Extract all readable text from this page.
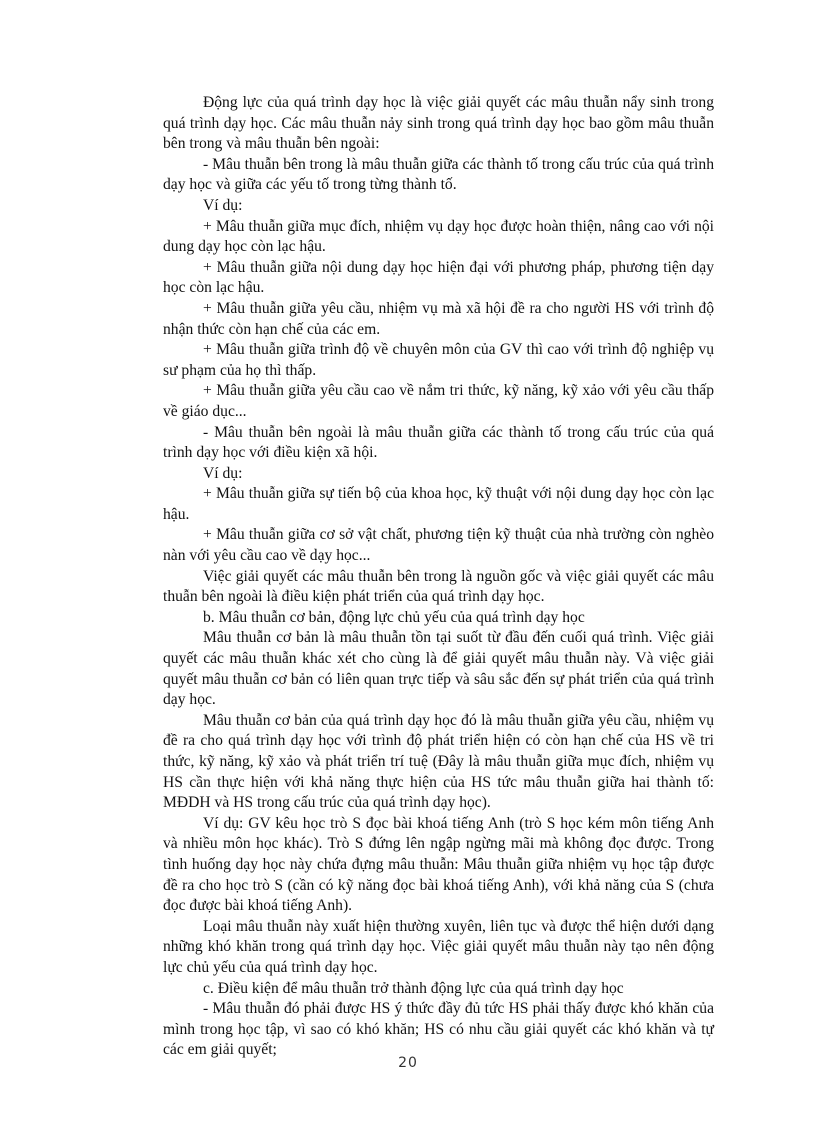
Động lực của quá trình dạy học là việc giải quyết các mâu thuẫn nẩy sinh trong quá trình dạy học. Các mâu thuẫn nảy sinh trong quá trình dạy học bao gồm mâu thuẫn bên trong và mâu thuẫn bên ngoài:

- Mâu thuẫn bên trong là mâu thuẫn giữa các thành tố trong cấu trúc của quá trình dạy học và giữa các yếu tố trong từng thành tố.

Ví dụ:

+ Mâu thuẫn giữa mục đích, nhiệm vụ dạy học được hoàn thiện, nâng cao với nội dung dạy học còn lạc hậu.

+ Mâu thuẫn giữa nội dung dạy học hiện đại với phương pháp, phương tiện dạy học còn lạc hậu.

+ Mâu thuẫn giữa yêu cầu, nhiệm vụ mà xã hội đề ra cho người HS với trình độ nhận thức còn hạn chế của các em.

+ Mâu thuẫn giữa trình độ về chuyên môn của GV thì cao với trình độ nghiệp vụ sư phạm của họ thì thấp.

+ Mâu thuẫn giữa yêu cầu cao về nắm tri thức, kỹ năng, kỹ xảo với yêu cầu thấp về giáo dục...

- Mâu thuẫn bên ngoài là mâu thuẫn giữa các thành tố trong cấu trúc của quá trình dạy học với điều kiện xã hội.

Ví dụ:

+ Mâu thuẫn giữa sự tiến bộ của khoa học, kỹ thuật với nội dung dạy học còn lạc hậu.

+ Mâu thuẫn giữa cơ sở vật chất, phương tiện kỹ thuật của nhà trường còn nghèo nàn với yêu cầu cao về dạy học...

Việc giải quyết các mâu thuẫn bên trong là nguồn gốc và việc giải quyết các mâu thuẫn bên ngoài là điều kiện phát triển của quá trình dạy học.

b. Mâu thuẫn cơ bản, động lực chủ yếu của quá trình dạy học

Mâu thuẫn cơ bản là mâu thuẫn tồn tại suốt từ đầu đến cuối quá trình. Việc giải quyết các mâu thuẫn khác xét cho cùng là để giải quyết mâu thuẫn này. Và việc giải quyết mâu thuẫn cơ bản có liên quan trực tiếp và sâu sắc đến sự phát triển của quá trình dạy học.

Mâu thuẫn cơ bản của quá trình dạy học đó là mâu thuẫn giữa yêu cầu, nhiệm vụ đề ra cho quá trình dạy học với trình độ phát triển hiện có còn hạn chế của HS về tri thức, kỹ năng, kỹ xảo và phát triển trí tuệ (Đây là mâu thuẫn giữa mục đích, nhiệm vụ HS cần thực hiện với khả năng thực hiện của HS tức mâu thuẫn giữa hai thành tố: MĐDH và HS trong cấu trúc của quá trình dạy học).

Ví dụ: GV kêu học trò S đọc bài khoá tiếng Anh (trò S học kém môn tiếng Anh và nhiều môn học khác). Trò S đứng lên ngập ngừng mãi mà không đọc được. Trong tình huống dạy học này chứa đựng mâu thuẫn: Mâu thuẫn giữa nhiệm vụ học tập được đề ra cho học trò S (cần có kỹ năng đọc bài khoá tiếng Anh), với khả năng của S (chưa đọc được bài khoá tiếng Anh).

Loại mâu thuẫn này xuất hiện thường xuyên, liên tục và được thể hiện dưới dạng những khó khăn trong quá trình dạy học. Việc giải quyết mâu thuẫn này tạo nên động lực chủ yếu của quá trình dạy học.

c. Điều kiện để mâu thuẫn trở thành động lực của quá trình dạy học

- Mâu thuẫn đó phải được HS ý thức đầy đủ tức HS phải thấy được khó khăn của mình trong học tập, vì sao có khó khăn; HS có nhu cầu giải quyết các khó khăn và tự các em giải quyết;

20
